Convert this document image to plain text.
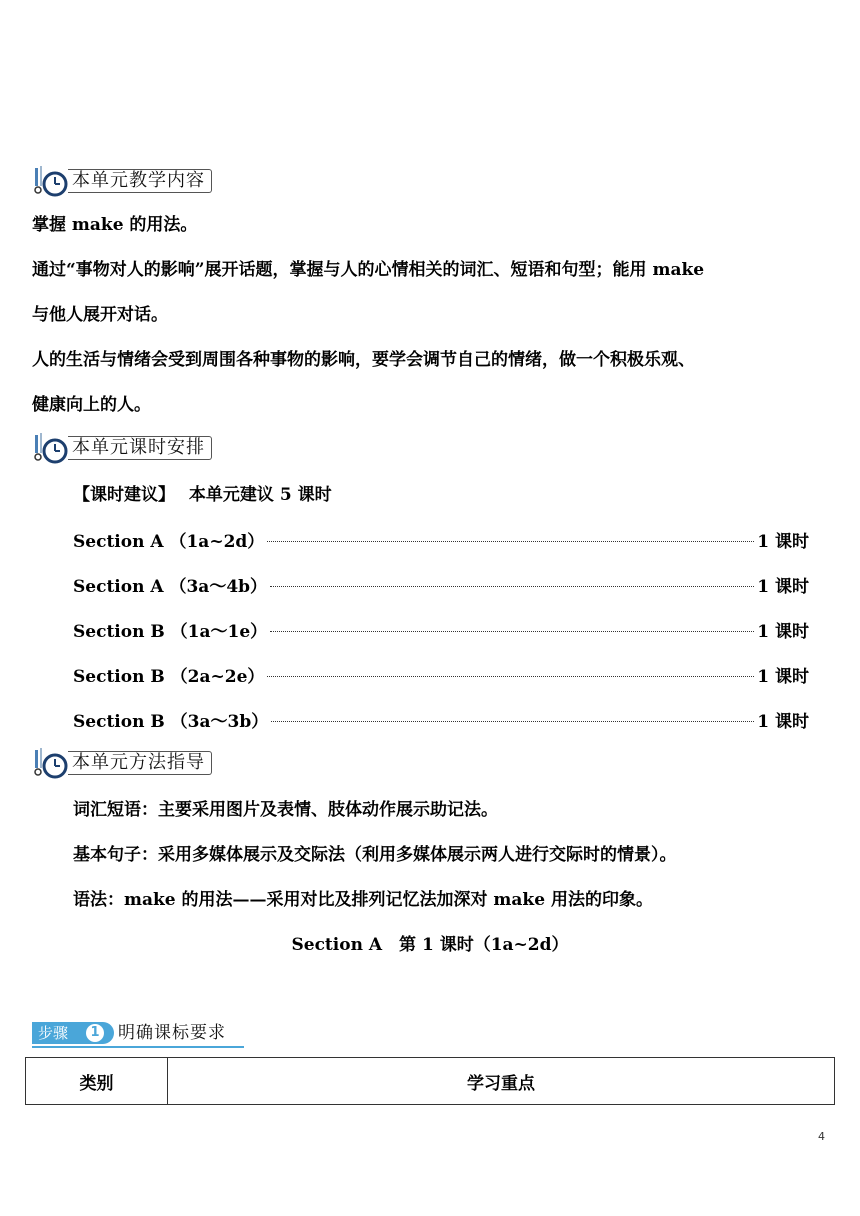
本单元教学内容
掌握 make 的用法。
通过“事物对人的影响”展开话题，掌握与人的心情相关的词汇、短语和句型；能用 make
与他人展开对话。
人的生活与情绪会受到周围各种事物的影响，要学会调节自己的情绪，做一个积极乐观、
健康向上的人。
本单元课时安排
【课时建议】 本单元建议 5 课时
Section A （1a~2d）	1 课时
Section A （3a～4b）	1 课时
Section B （1a～1e）	1 课时
Section B （2a~2e）	1 课时
Section B （3a～3b）	1 课时
本单元方法指导
词汇短语：主要采用图片及表情、肢体动作展示助记法。
基本句子：采用多媒体展示及交际法（利用多媒体展示两人进行交际时的情景）。
语法：make 的用法——采用对比及排列记忆法加深对 make 用法的印象。
Section A　第 1 课时（1a~2d）
步骤	1 明确课标要求
类别	学习重点
4
